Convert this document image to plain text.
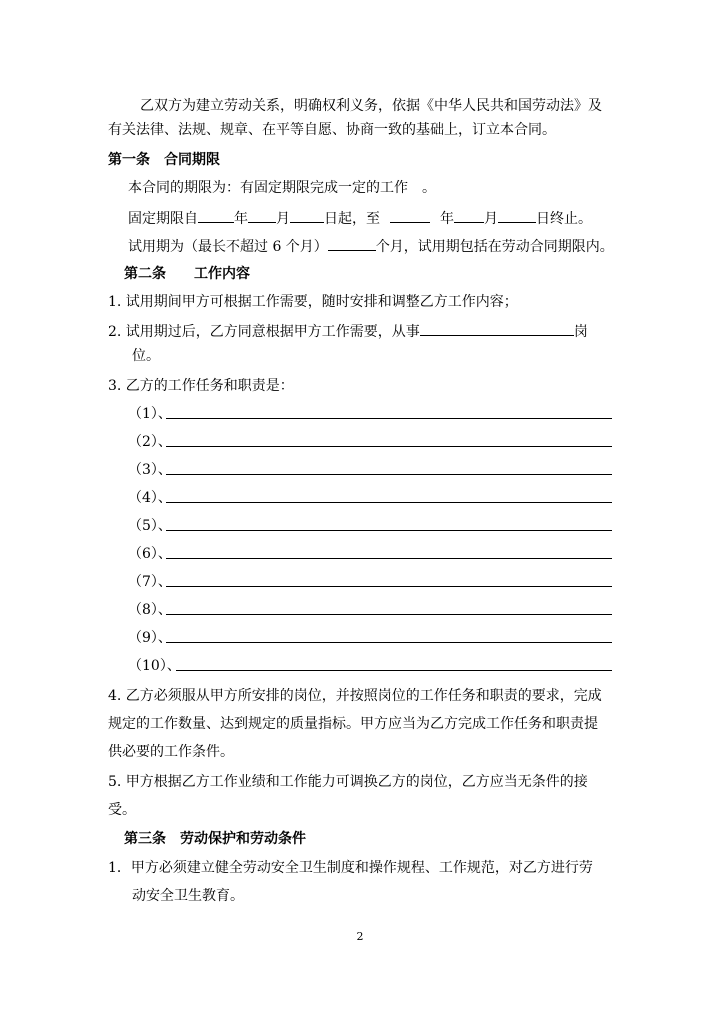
乙双方为建立劳动关系，明确权利义务，依据《中华人民共和国劳动法》及
有关法律、法规、规章、在平等自愿、协商一致的基础上，订立本合同。
第一条　合同期限
本合同的期限为：有固定期限完成一定的工作　。
固定期限自	年 月 日起，至	年 月	日终止。
试用期为（最长不超过 6 个月）	个月，试用期包括在劳动合同期限内。
第二条　　工作内容
1. 试用期间甲方可根据工作需要，随时安排和调整乙方工作内容；
2. 试用期过后，乙方同意根据甲方工作需要，从事	岗
位。
3. 乙方的工作任务和职责是：
（1）、
（2）、
（3）、
（4）、
（5）、
（6）、
（7）、
（8）、
（9）、
（10）、
4. 乙方必须服从甲方所安排的岗位，并按照岗位的工作任务和职责的要求，完成
规定的工作数量、达到规定的质量指标。甲方应当为乙方完成工作任务和职责提
供必要的工作条件。
5. 甲方根据乙方工作业绩和工作能力可调换乙方的岗位，乙方应当无条件的接
受。
第三条　劳动保护和劳动条件
1．甲方必须建立健全劳动安全卫生制度和操作规程、工作规范，对乙方进行劳
动安全卫生教育。
2
